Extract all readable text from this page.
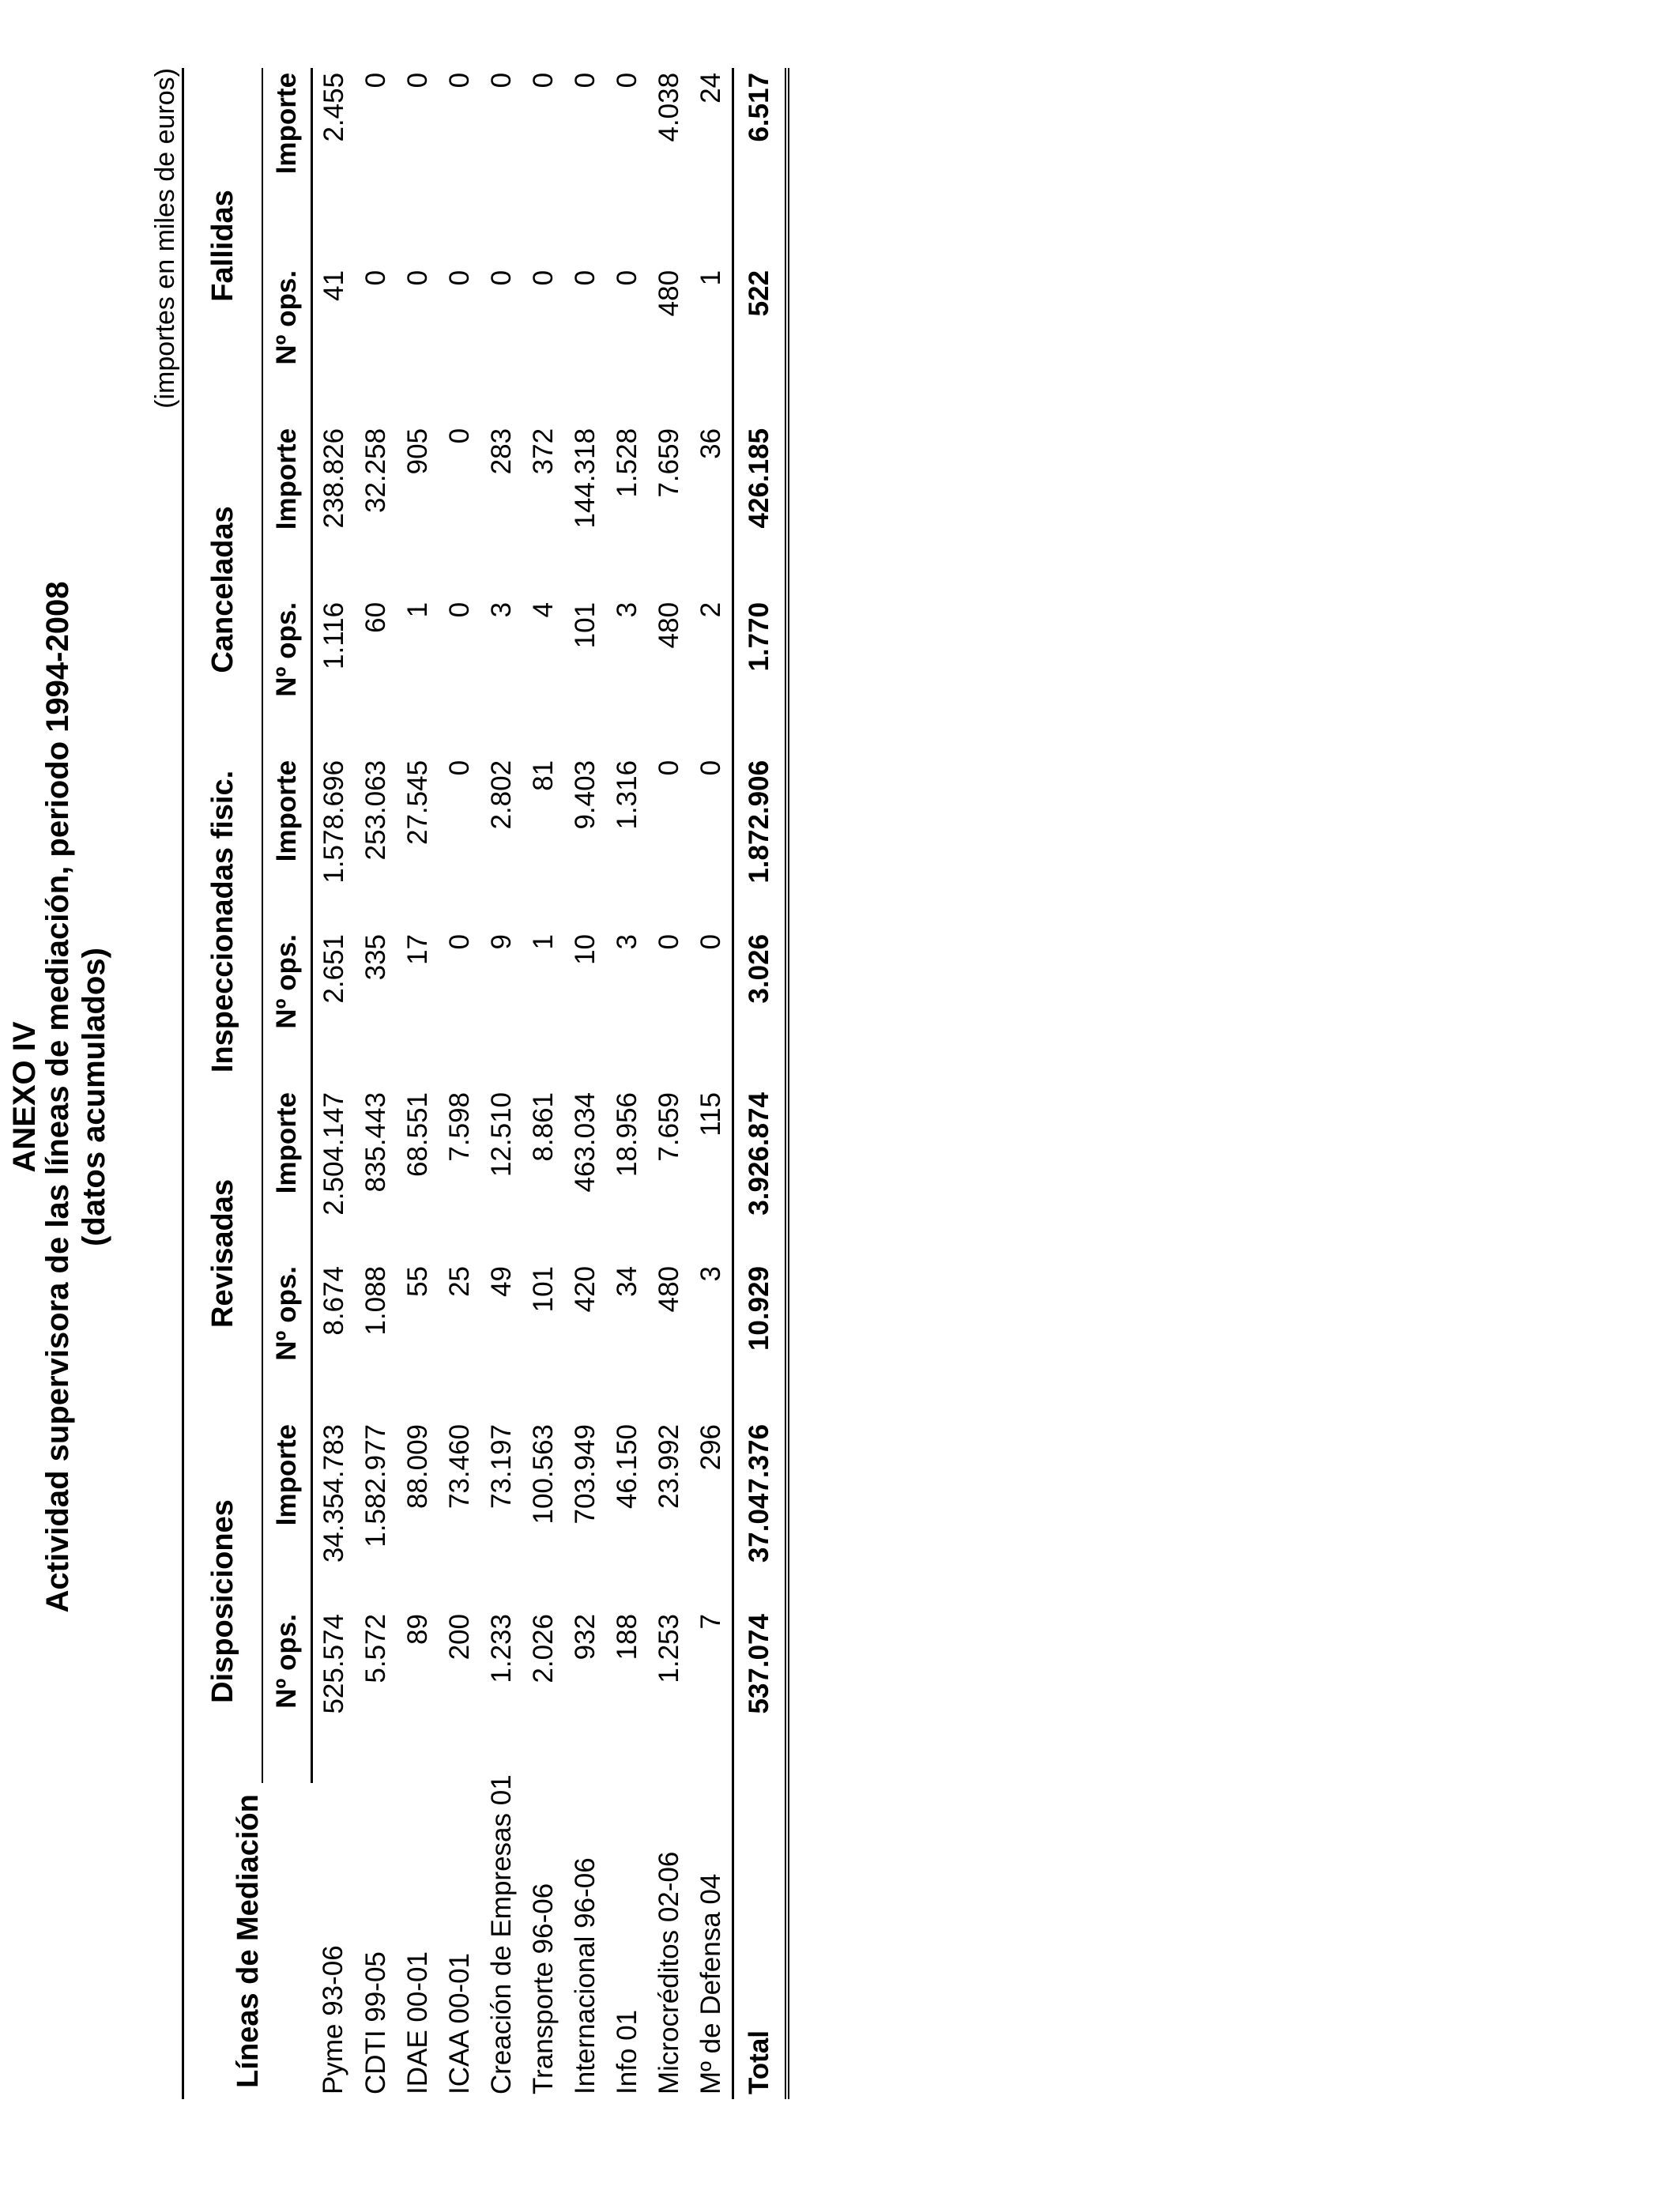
ANEXO IV
Actividad supervisora de las líneas de mediación, periodo 1994-2008 (datos acumulados)
(importes en miles de euros)
Líneas de Mediación	Disposiciones		Revisadas		Inspeccionadas fisic.		Canceladas		Fallidas	
	Nº ops.	Importe	Nº ops.	Importe	Nº ops.	Importe	Nº ops.	Importe	Nº ops.	Importe
Pyme 93-06	525.574	34.354.783	8.674	2.504.147	2.651	1.578.696	1.116	238.826	41	2.455
CDTI 99-05	5.572	1.582.977	1.088	835.443	335	253.063	60	32.258	0	0
IDAE 00-01	89	88.009	55	68.551	17	27.545	1	905	0	0
ICAA 00-01	200	73.460	25	7.598	0	0	0	0	0	0
Creación de Empresas 01	1.233	73.197	49	12.510	9	2.802	3	283	0	0
Transporte 96-06	2.026	100.563	101	8.861	1	81	4	372	0	0
Internacional 96-06	932	703.949	420	463.034	10	9.403	101	144.318	0	0
Info 01	188	46.150	34	18.956	3	1.316	3	1.528	0	0
Microcréditos 02-06	1.253	23.992	480	7.659	0	0	480	7.659	480	4.038
Mº de Defensa 04	7	296	3	115	0	0	2	36	1	24
Total	537.074	37.047.376	10.929	3.926.874	3.026	1.872.906	1.770	426.185	522	6.517
